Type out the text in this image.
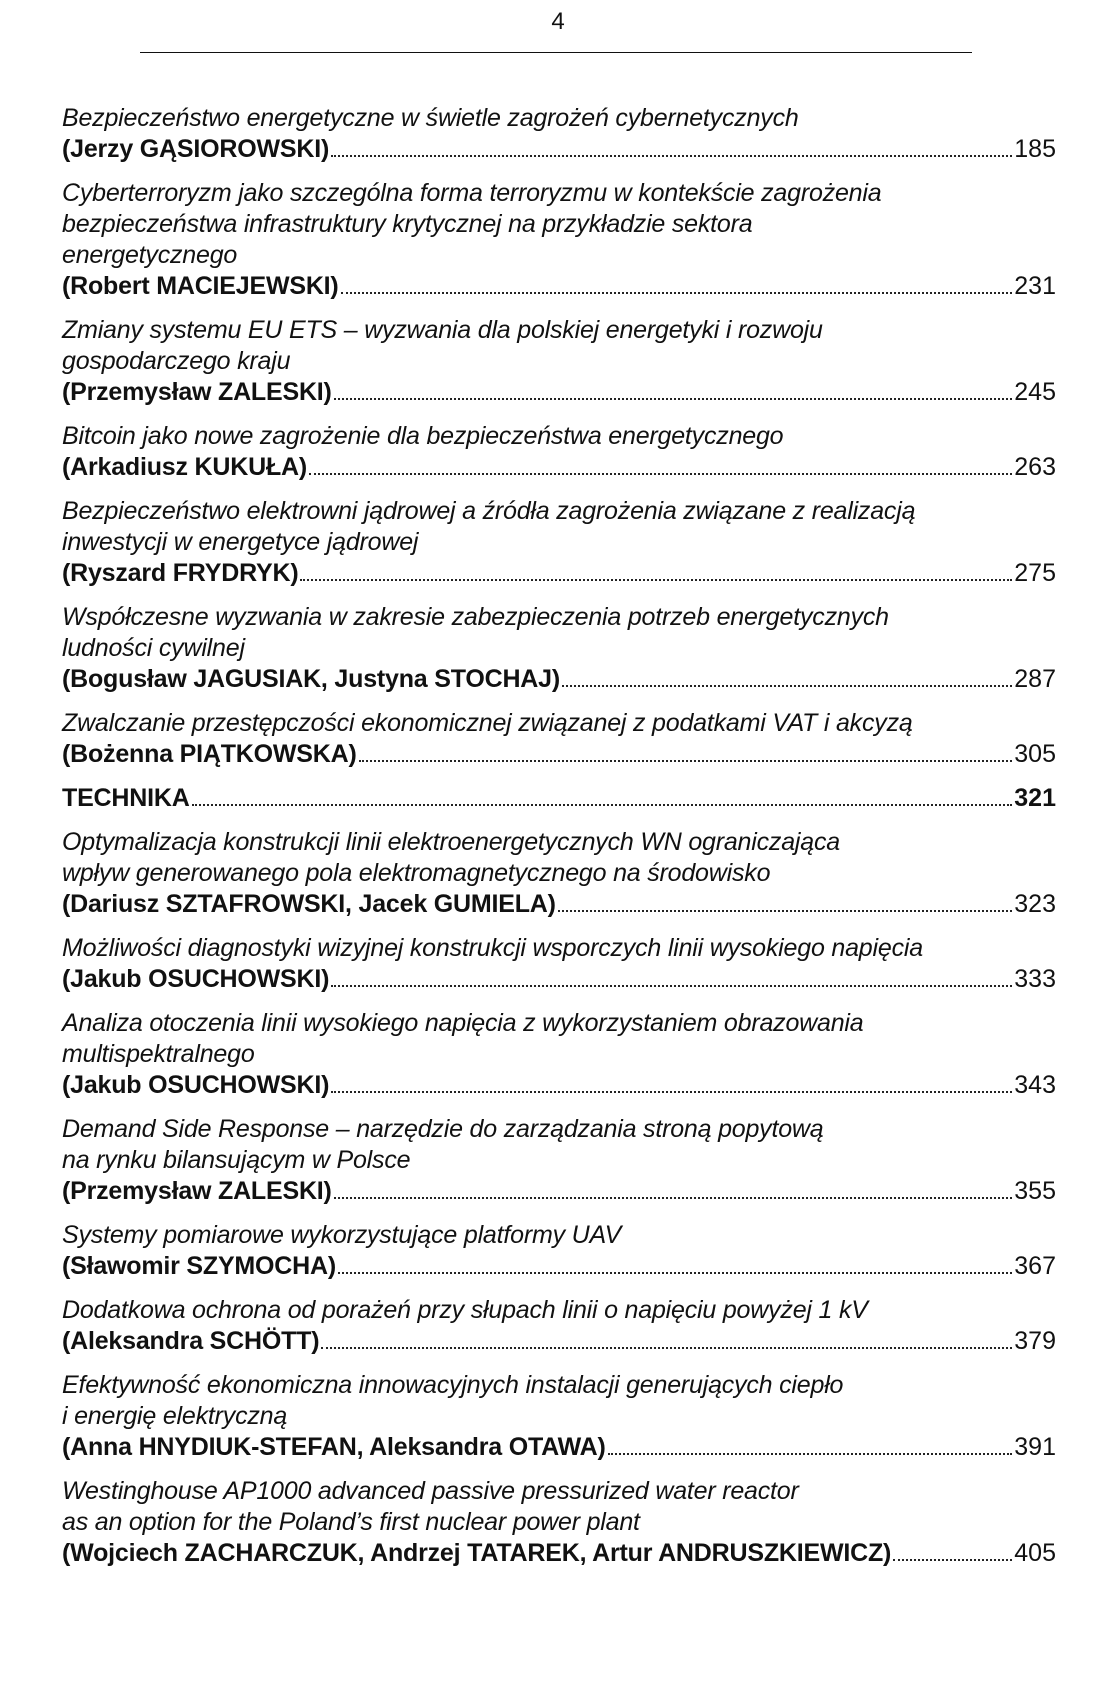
4
Bezpieczeństwo energetyczne w świetle zagrożeń cybernetycznych
(Jerzy GĄSIOROWSKI)	185
Cyberterroryzm jako szczególna forma terroryzmu w kontekście zagrożenia
bezpieczeństwa infrastruktury krytycznej na przykładzie sektora
energetycznego
(Robert MACIEJEWSKI)	231
Zmiany systemu EU ETS – wyzwania dla polskiej energetyki i rozwoju
gospodarczego kraju
(Przemysław ZALESKI)	245
Bitcoin jako nowe zagrożenie dla bezpieczeństwa energetycznego
(Arkadiusz KUKUŁA)	263
Bezpieczeństwo elektrowni jądrowej a źródła zagrożenia związane z realizacją
inwestycji w energetyce jądrowej
(Ryszard FRYDRYK)	275
Współczesne wyzwania w zakresie zabezpieczenia potrzeb energetycznych
ludności cywilnej
(Bogusław JAGUSIAK, Justyna STOCHAJ)	287
Zwalczanie przestępczości ekonomicznej związanej z podatkami VAT i akcyzą
(Bożenna PIĄTKOWSKA)	305
TECHNIKA	321
Optymalizacja konstrukcji linii elektroenergetycznych WN ograniczająca
wpływ generowanego pola elektromagnetycznego na środowisko
(Dariusz SZTAFROWSKI, Jacek GUMIELA)	323
Możliwości diagnostyki wizyjnej konstrukcji wsporczych linii wysokiego napięcia
(Jakub OSUCHOWSKI)	333
Analiza otoczenia linii wysokiego napięcia z wykorzystaniem obrazowania
multispektralnego
(Jakub OSUCHOWSKI)	343
Demand Side Response – narzędzie do zarządzania stroną popytową
na rynku bilansującym w Polsce
(Przemysław ZALESKI)	355
Systemy pomiarowe wykorzystujące platformy UAV
(Sławomir SZYMOCHA)	367
Dodatkowa ochrona od porażeń przy słupach linii o napięciu powyżej 1 kV
(Aleksandra SCHÖTT)	379
Efektywność ekonomiczna innowacyjnych instalacji generujących ciepło
i energię elektryczną
(Anna HNYDIUK-STEFAN, Aleksandra OTAWA)	391
Westinghouse AP1000 advanced passive pressurized water reactor
as an option for the Poland’s first nuclear power plant
(Wojciech ZACHARCZUK, Andrzej TATAREK, Artur ANDRUSZKIEWICZ)	405
